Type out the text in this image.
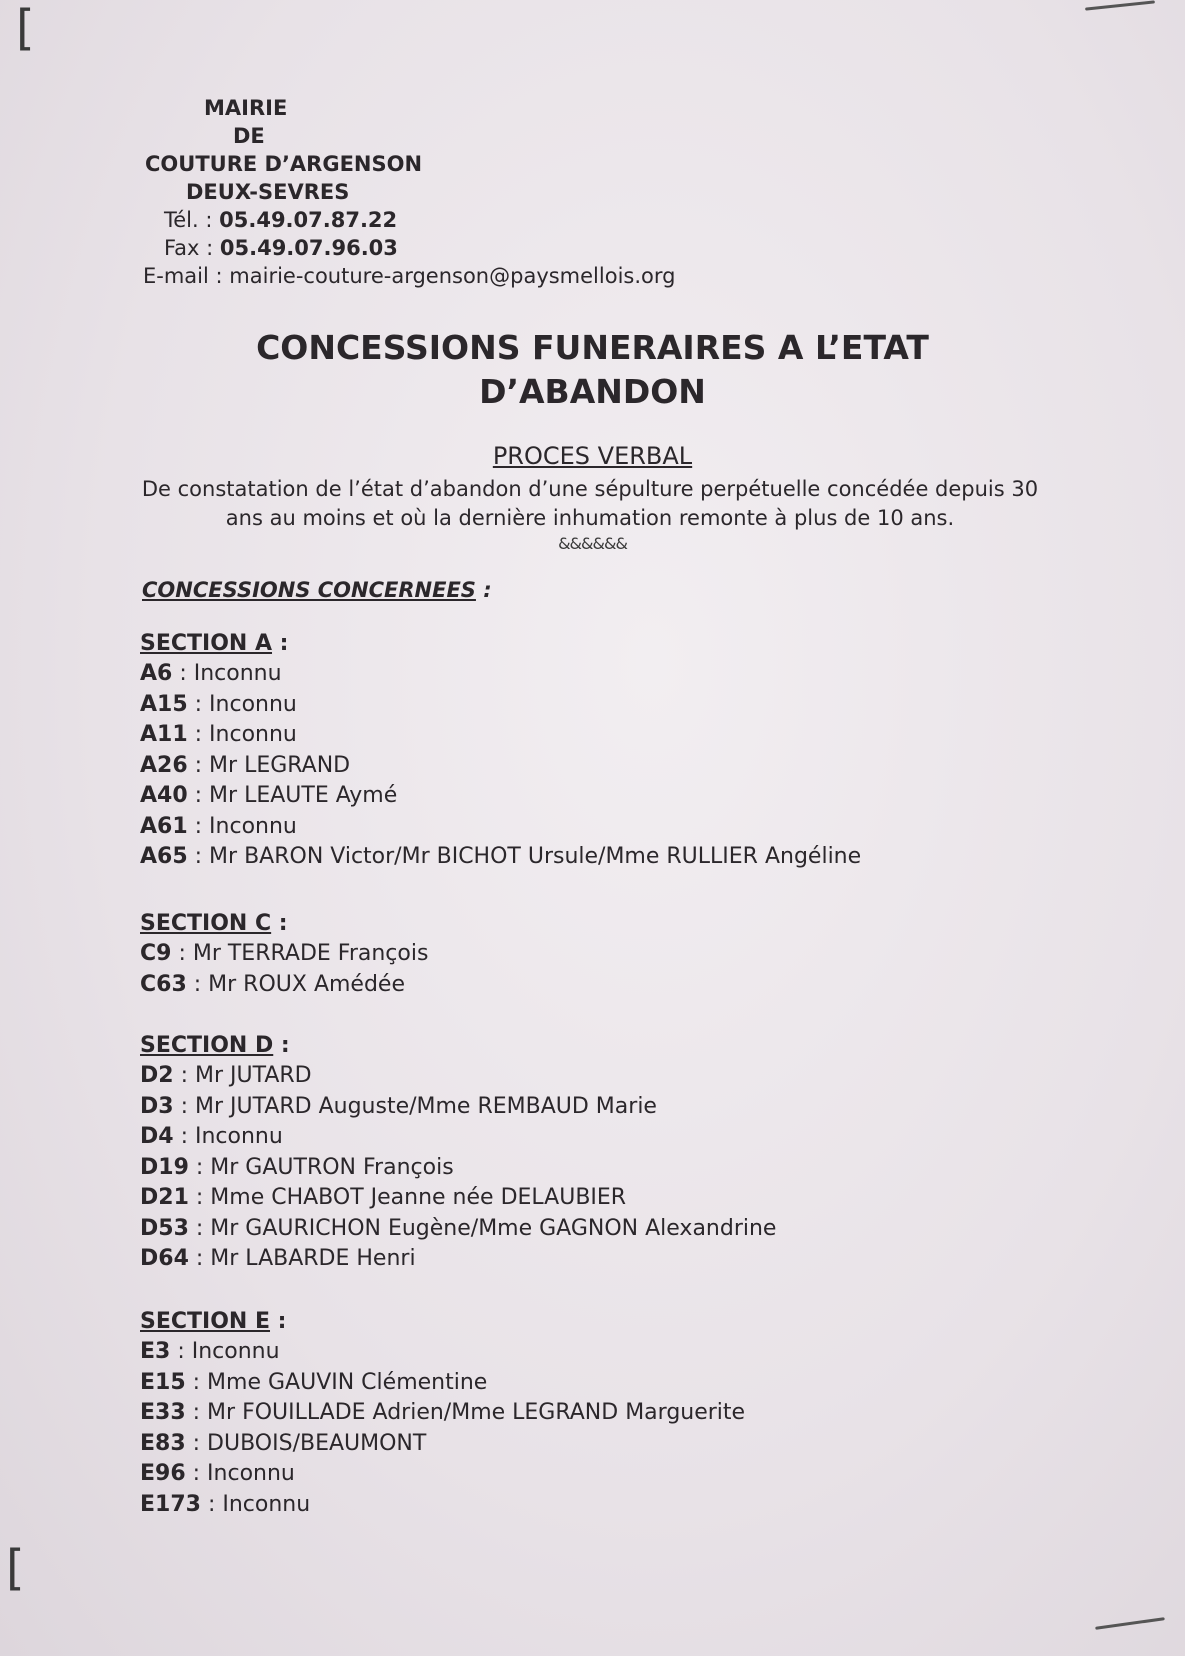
[
[
MAIRIE
DE
COUTURE D’ARGENSON
DEUX-SEVRES
Tél. : 05.49.07.87.22
Fax : 05.49.07.96.03
E-mail : mairie-couture-argenson@paysmellois.org
CONCESSIONS FUNERAIRES A L’ETAT
D’ABANDON
PROCES VERBAL
De constatation de l’état d’abandon d’une sépulture perpétuelle concédée depuis 30
ans au moins et où la dernière inhumation remonte à plus de 10 ans.
&&&&&&
CONCESSIONS CONCERNEES :
SECTION A :
A6 : Inconnu
A15 : Inconnu
A11 : Inconnu
A26 : Mr LEGRAND
A40 : Mr LEAUTE Aymé
A61 : Inconnu
A65 : Mr BARON Victor/Mr BICHOT Ursule/Mme RULLIER Angéline
SECTION C :
C9 : Mr TERRADE François
C63 : Mr ROUX Amédée
SECTION D :
D2 : Mr JUTARD
D3 : Mr JUTARD Auguste/Mme REMBAUD Marie
D4 : Inconnu
D19 : Mr GAUTRON François
D21 : Mme CHABOT Jeanne née DELAUBIER
D53 : Mr GAURICHON Eugène/Mme GAGNON Alexandrine
D64 : Mr LABARDE Henri
SECTION E :
E3 : Inconnu
E15 : Mme GAUVIN Clémentine
E33 : Mr FOUILLADE Adrien/Mme LEGRAND Marguerite
E83 : DUBOIS/BEAUMONT
E96 : Inconnu
E173 : Inconnu
